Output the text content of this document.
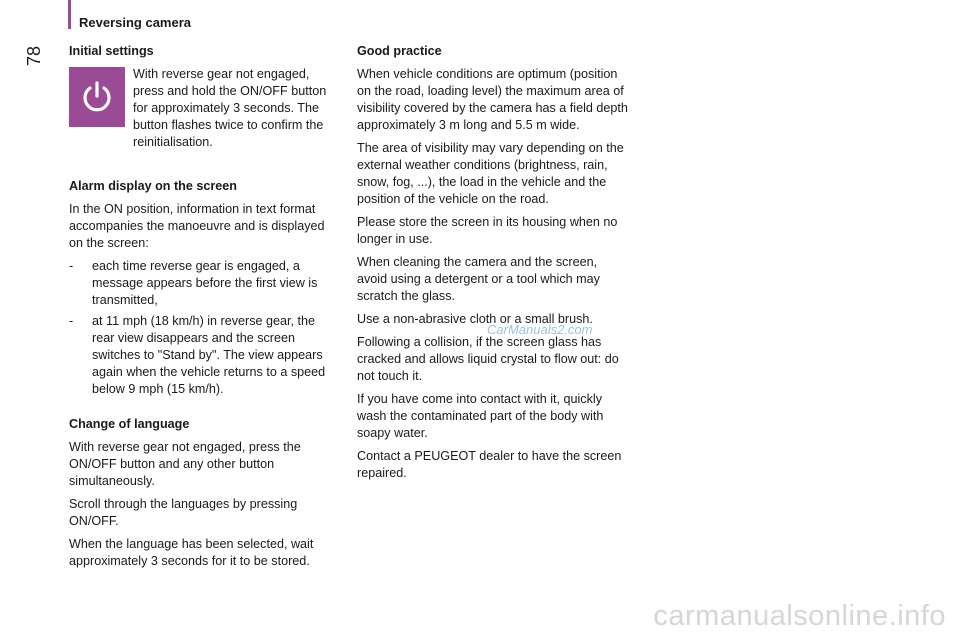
Reversing camera
78 Initial settings
With reverse gear not engaged, press and hold the ON/OFF button for approximately 3 seconds. The button flashes twice to confirm the reinitialisation.
Alarm display on the screen
In the ON position, information in text format accompanies the manoeuvre and is displayed on the screen:
-	each time reverse gear is engaged, a message appears before the first view is transmitted,
-	at 11 mph (18 km/h) in reverse gear, the rear view disappears and the screen switches to "Stand by". The view appears again when the vehicle returns to a speed below 9 mph (15 km/h).
Change of language
With reverse gear not engaged, press the ON/OFF button and any other button simultaneously.
Scroll through the languages by pressing ON/OFF.
When the language has been selected, wait approximately 3 seconds for it to be stored.
Good practice
When vehicle conditions are optimum (position on the road, loading level) the maximum area of visibility covered by the camera has a field depth approximately 3 m long and 5.5 m wide.
The area of visibility may vary depending on the external weather conditions (brightness, rain, snow, fog, ...), the load in the vehicle and the position of the vehicle on the road.
Please store the screen in its housing when no longer in use.
When cleaning the camera and the screen, avoid using a detergent or a tool which may scratch the glass.
Use a non-abrasive cloth or a small brush.
Following a collision, if the screen glass has cracked and allows liquid crystal to flow out: do not touch it.
If you have come into contact with it, quickly wash the contaminated part of the body with soapy water.
Contact a PEUGEOT dealer to have the screen repaired.
CarManuals2.com
carmanualsonline.info
